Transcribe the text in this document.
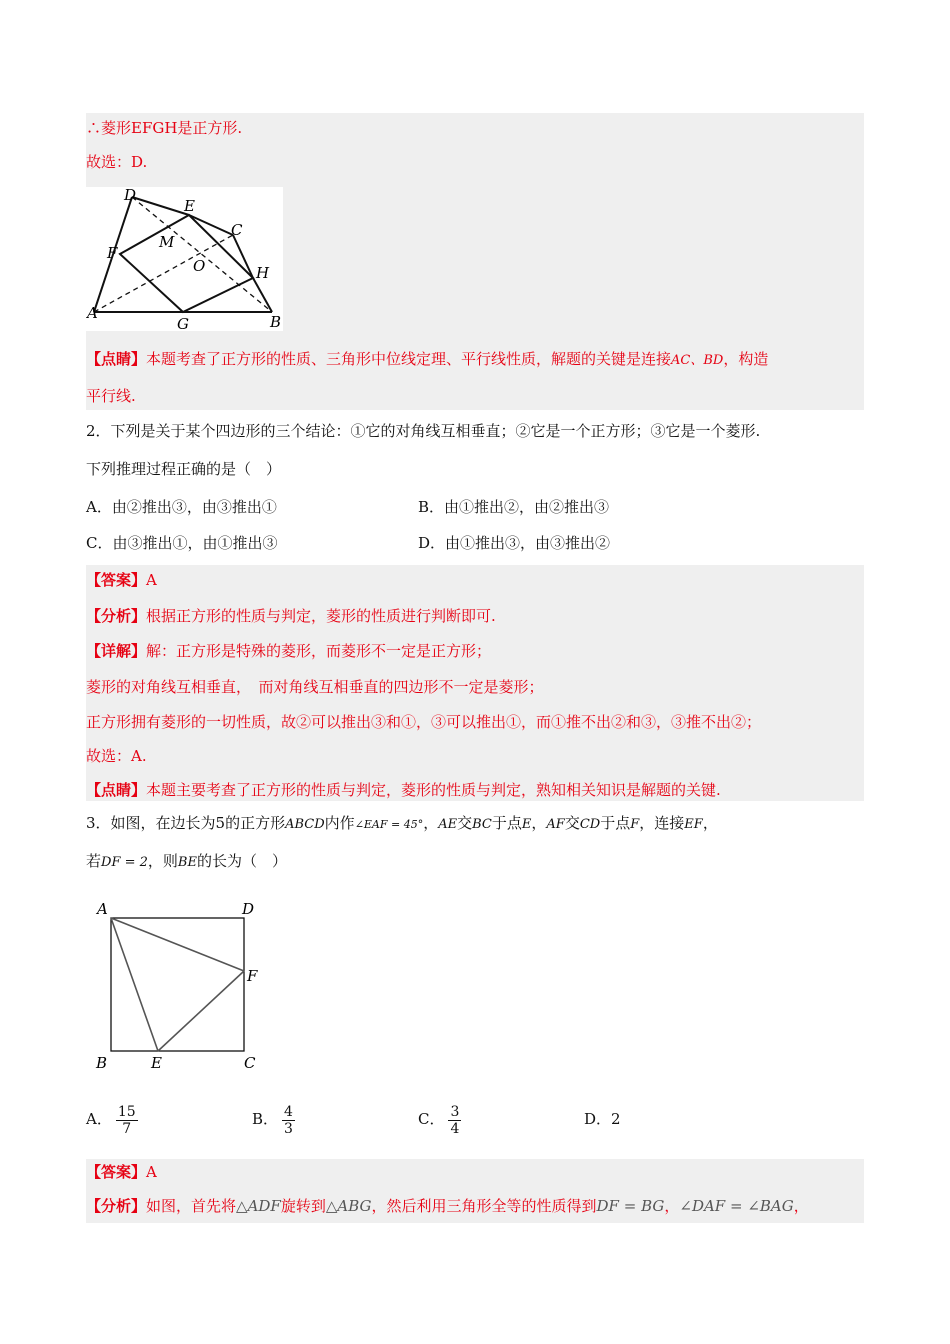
∴菱形EFGH是正方形.
故选：D.
D
E
C
M
F
O	H
A
G	B
【点睛】本题考查了正方形的性质、三角形中位线定理、平行线性质，解题的关键是连接AC、BD，构造
平行线.
2．下列是关于某个四边形的三个结论：①它的对角线互相垂直；②它是一个正方形；③它是一个菱形.
下列推理过程正确的是（　）
A．由②推出③，由③推出①	B．由①推出②，由②推出③
C．由③推出①，由①推出③	D．由①推出③，由③推出②
【答案】A
【分析】根据正方形的性质与判定，菱形的性质进行判断即可.
【详解】解：正方形是特殊的菱形，而菱形不一定是正方形；
菱形的对角线互相垂直，　而对角线互相垂直的四边形不一定是菱形；
正方形拥有菱形的一切性质，故②可以推出③和①，③可以推出①，而①推不出②和③，③推不出②；
故选：A.
【点睛】本题主要考查了正方形的性质与判定，菱形的性质与判定，熟知相关知识是解题的关键.
3．如图，在边长为5的正方形ABCD内作∠EAF = 45°，AE交BC于点E，AF交CD于点F，连接EF，
若DF = 2，则BE的长为（　）
A	D
F
B	E	C
A． $\frac{15}{7}$	B． $\frac{4}{3}$	C． $\frac{3}{4}$	D．2
【答案】A
【分析】如图，首先将△ADF旋转到△ABG，然后利用三角形全等的性质得到DF = BG，∠DAF = ∠BAG，
